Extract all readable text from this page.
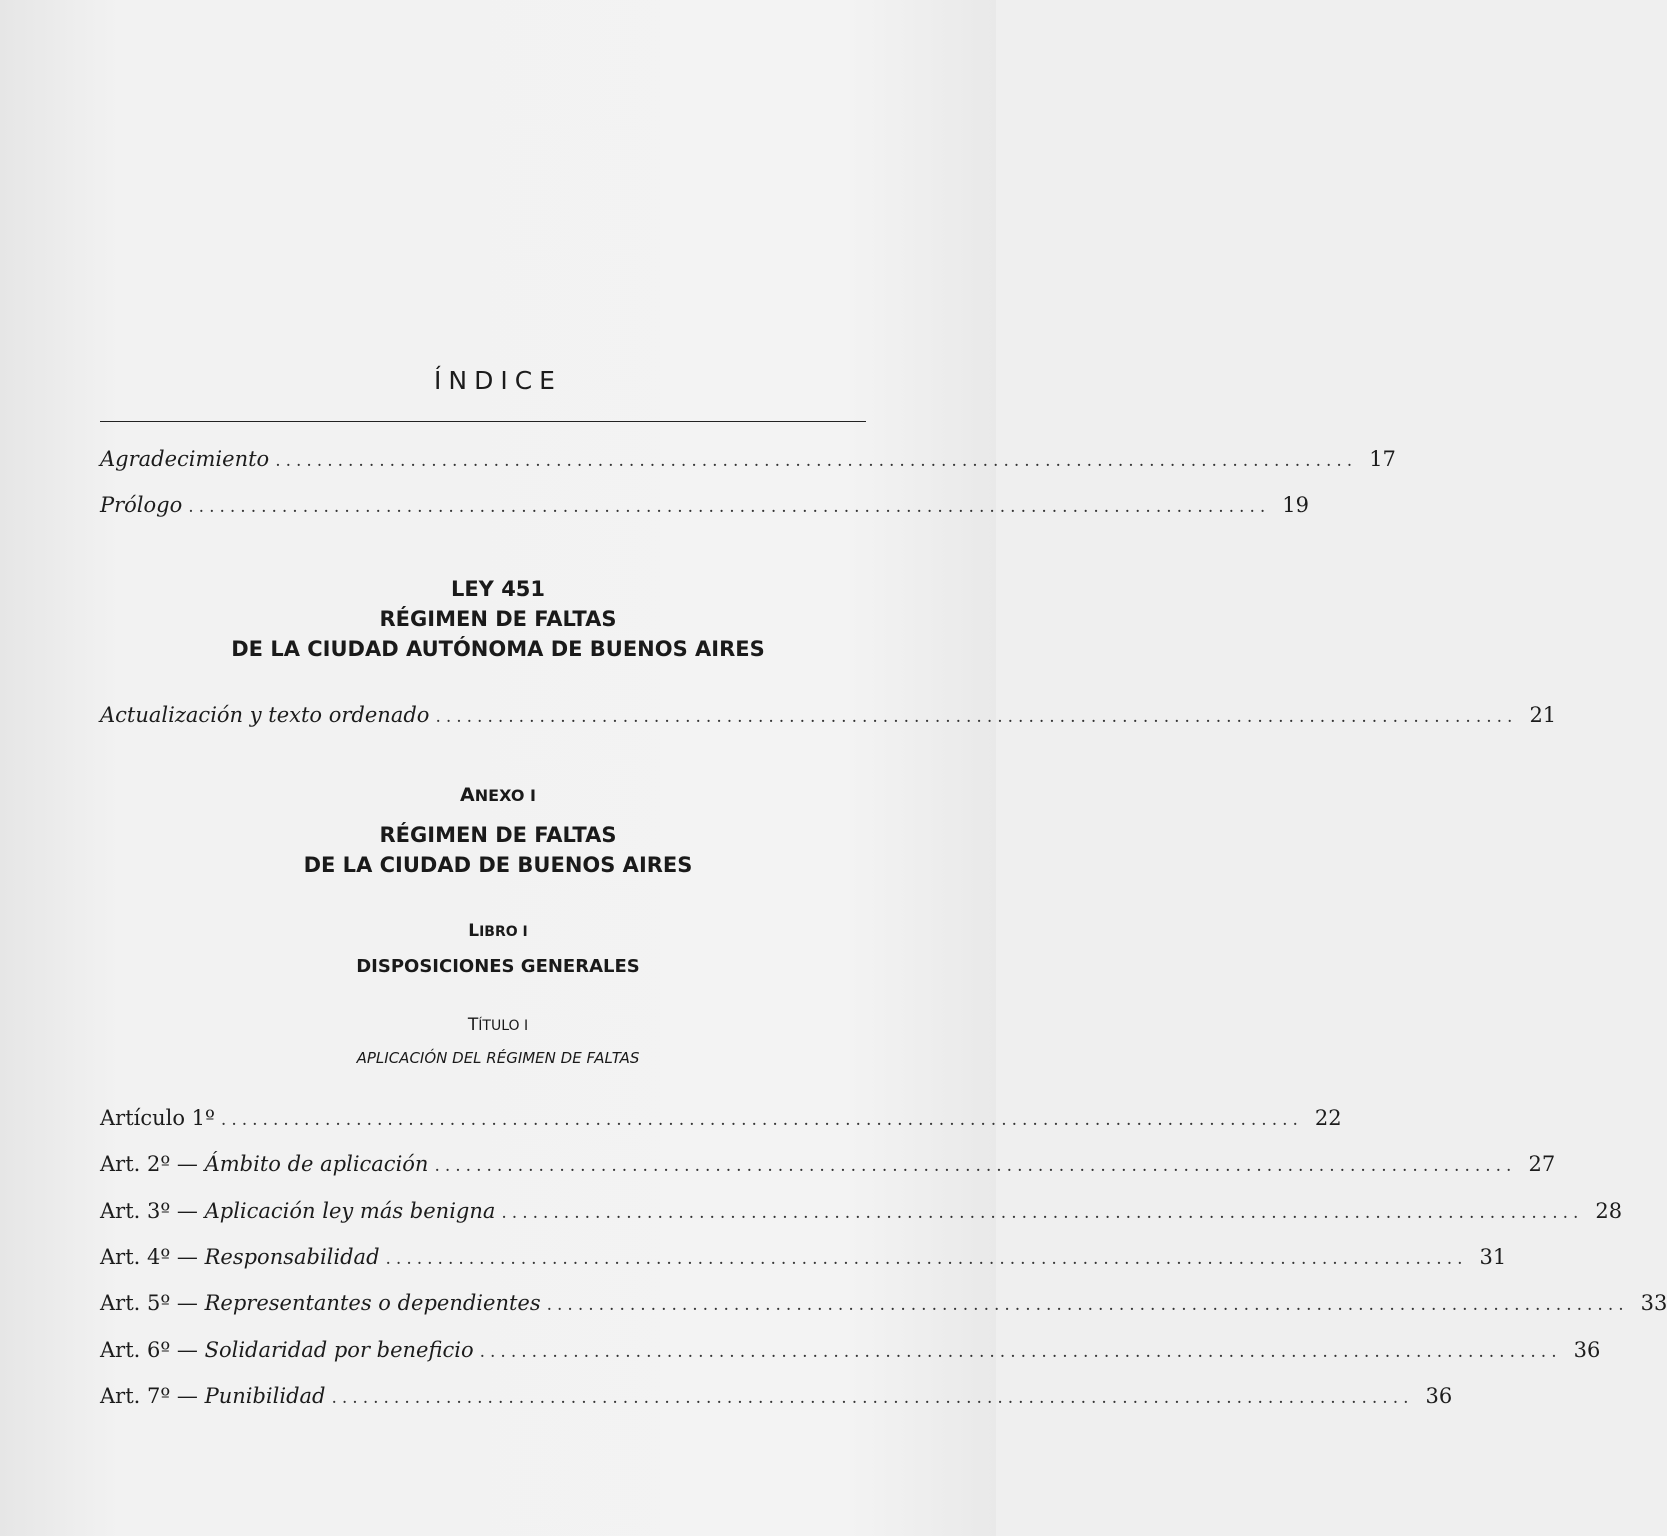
ÍNDICE
Agradecimiento ........................................................................................................ 17
Prólogo ........................................................................................................ 19
LEY 451
RÉGIMEN DE FALTAS
DE LA CIUDAD AUTÓNOMA DE BUENOS AIRES
Actualización y texto ordenado ........................................................................................................ 21
ANEXO I
RÉGIMEN DE FALTAS
DE LA CIUDAD DE BUENOS AIRES
LIBRO I
DISPOSICIONES GENERALES
TÍTULO I
APLICACIÓN DEL RÉGIMEN DE FALTAS
Artículo 1º ........................................................................................................ 22
Art. 2º — Ámbito de aplicación ........................................................................................................ 27
Art. 3º — Aplicación ley más benigna ........................................................................................................ 28
Art. 4º — Responsabilidad ........................................................................................................ 31
Art. 5º — Representantes o dependientes ........................................................................................................ 33
Art. 6º — Solidaridad por beneficio ........................................................................................................ 36
Art. 7º — Punibilidad ........................................................................................................ 36
